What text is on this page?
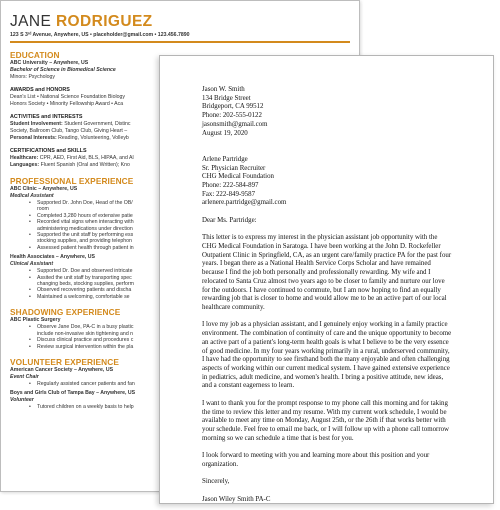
JANE RODRIGUEZ
123 S 3ʳᵈ Avenue, Anywhere, US • placeholder@gmail.com • 123.456.7890
EDUCATION
ABC University – Anywhere, US
Bachelor of Science in Biomedical Science
Minors: Psychology
AWARDS and HONORS
Dean's List • National Science Foundation Biology
Honors Society • Minority Fellowship Award • Aca
ACTIVITIES and INTERESTS
Student Involvement: Student Government, Distinc
Society, Ballroom Club, Tango Club, Giving Heart –
Personal Interests: Reading, Volunteering, Volleyb
CERTIFICATIONS and SKILLS
Healthcare: CPR, AED, First Aid, BLS, HIPAA, and Al
Languages: Fluent Spanish (Oral and Written); Kno
PROFESSIONAL EXPERIENCE
ABC Clinic – Anywhere, US
Medical Assistant
• Supported Dr. John Doe, Head of the OB/
room
• Completed 3,280 hours of extensive patie
• Recorded vital signs when interacting with
administering medications under direction
• Supported the unit staff by performing ess
stocking supplies, and providing telephon
• Assessed patient health through patient in
Health Associates – Anywhere, US
Clinical Assistant
• Supported Dr. Doe and observed intricate
• Assited the unit staff by transporting spec
changing beds, stocking supplies, perform
• Observed recovering patients and discha
• Maintained a welcoming, comfortable se
SHADOWING EXPERIENCE
ABC Plastic Surgery
• Observe Jane Doe, PA-C in a busy plastic
include non-invasive skin tightening and n
• Discuss clinical practice and procedures c
• Review surgical intervention within the pla
VOLUNTEER EXPERIENCE
American Cancer Society – Anywhere, US
Event Chair
• Regularly assisted cancer patients and fan
Boys and Girls Club of Tampa Bay – Anywhere, US
Volunteer
• Tutored children on a weekly basis to help
Jason W. Smith
134 Bridge Street
Bridgeport, CA 99512
Phone: 202-555-0122
jasonsmith@gmail.com
August 19, 2020
Arlene Partridge
Sr. Physician Recruiter
CHG Medical Foundation
Phone: 222-584-897
Fax: 222-849-9587
arlenere.partridge@gmail.com
Dear Ms. Partridge:
This letter is to express my interest in the physician assistant job opportunity with the
CHG Medical Foundation in Saratoga. I have been working at the John D. Rockefeller
Outpatient Clinic in Springfield, CA, as an urgent care/family practice PA for the past four
years. I began there as a National Health Service Corps Scholar and have remained
because I find the job both personally and professionally rewarding. My wife and I
relocated to Santa Cruz almost two years ago to be closer to family and nurture our love
for the outdoors. I have continued to commute, but I am now hoping to find an equally
rewarding job that is closer to home and would allow me to be an active part of our local
healthcare community.
I love my job as a physician assistant, and I genuinely enjoy working in a family practice
environment. The combination of continuity of care and the unique opportunity to become
an active part of a patient's long-term health goals is what I believe to be the very essence
of good medicine. In my four years working primarily in a rural, underserved community,
I have had the opportunity to see firsthand both the many enjoyable and often challenging
aspects of working within our current medical system. I have gained extensive experience
in pediatrics, adult medicine, and women's health. I bring a positive attitude, new ideas,
and a constant eagerness to learn.
I want to thank you for the prompt response to my phone call this morning and for taking
the time to review this letter and my resume. With my current work schedule, I would be
available to meet any time on Monday, August 25th, or the 26th if that works better with
your schedule. Feel free to email me back, or I will follow up with a phone call tomorrow
morning so we can schedule a time that is best for you.
I look forward to meeting with you and learning more about this position and your
organization.
Sincerely,
Jason Wiley Smith PA-C
